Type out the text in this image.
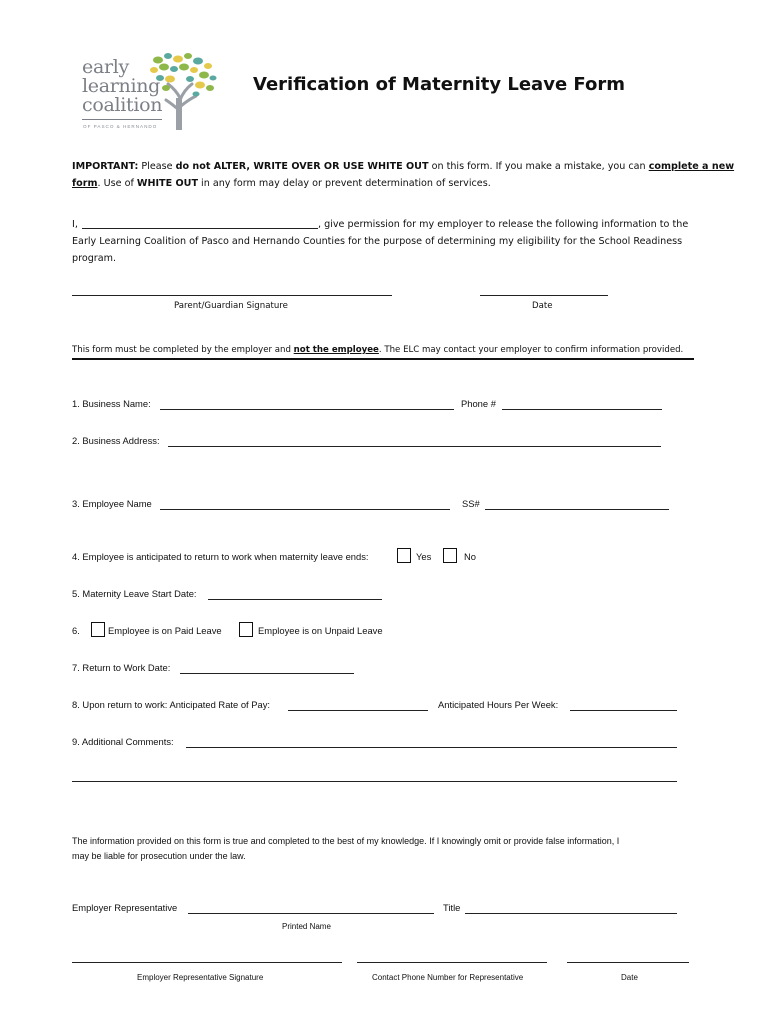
early
learning
coalition
OF PASCO & HERNANDO
Verification of Maternity Leave Form
IMPORTANT: Please do not ALTER, WRITE OVER OR USE WHITE OUT on this form. If you make a mistake, you can complete a new
form. Use of WHITE OUT in any form may delay or prevent determination of services.
I,	, give permission for my employer to release the following information to the
Early Learning Coalition of Pasco and Hernando Counties for the purpose of determining my eligibility for the School Readiness
program.
Parent/Guardian Signature	Date
This form must be completed by the employer and not the employee. The ELC may contact your employer to confirm information provided.
1. Business Name:	Phone #
2. Business Address:
3. Employee Name	SS#
4. Employee is anticipated to return to work when maternity leave ends:	Yes	No
5. Maternity Leave Start Date:
6.	Employee is on Paid Leave	Employee is on Unpaid Leave
7. Return to Work Date:
8. Upon return to work: Anticipated Rate of Pay:	Anticipated Hours Per Week:
9. Additional Comments:
The information provided on this form is true and completed to the best of my knowledge. If I knowingly omit or provide false information, I
may be liable for prosecution under the law.
Employer Representative	Title
Printed Name
Employer Representative Signature	Contact Phone Number for Representative	Date
